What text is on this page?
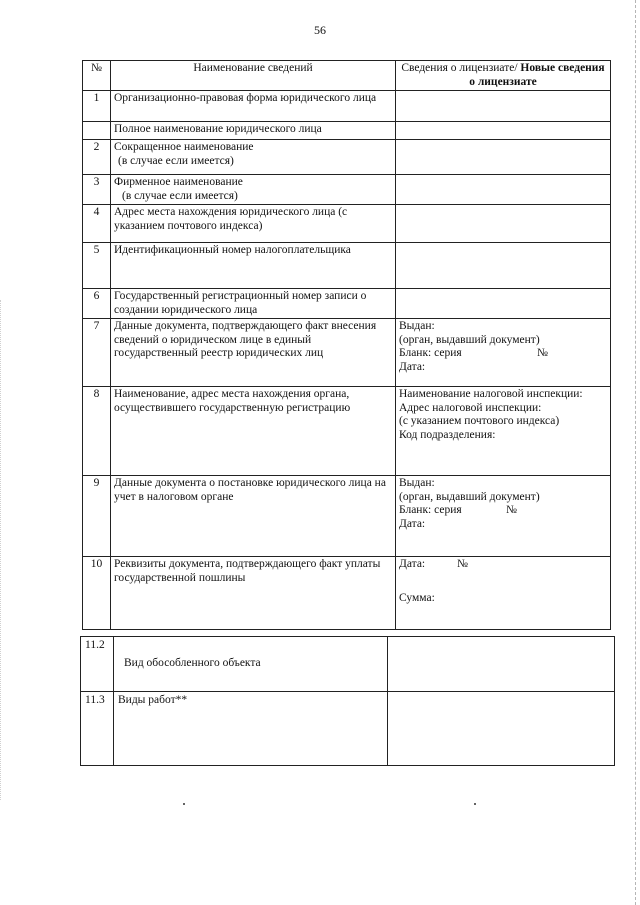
56
№	Наименование сведений	Сведения о лицензиате/ Новые сведения о лицензиате
1	Организационно-правовая форма юридического лица	
	Полное наименование юридического лица	
2	Сокращенное наименование
(в случае если имеется)	

3	Фирменное наименование
(в случае если имеется)	

4	Адрес места нахождения юридического лица (с указанием почтового индекса)	
5	Идентификационный номер налогоплательщика	
6	Государственный регистрационный номер записи о создании юридического лица	
7	Данные документа, подтверждающего факт внесения сведений о юридическом лице в единый государственный реестр юридических лиц	Выдан:
(орган, выдавший документ)
Бланк: серия №
Дата:

8	Наименование, адрес места нахождения органа, осуществившего государственную регистрацию	Наименование налоговой инспекции:
Адрес налоговой инспекции:
(с указанием почтового индекса)
Код подразделения:

9	Данные документа о постановке юридического лица на учет в налоговом органе	Выдан:
(орган, выдавший документ)
Бланк: серия №
Дата:

10	Реквизиты документа, подтверждающего факт уплаты государственной пошлины	Дата: №
Сумма:
11.2	Вид обособленного объекта	
11.3	Виды работ**	
